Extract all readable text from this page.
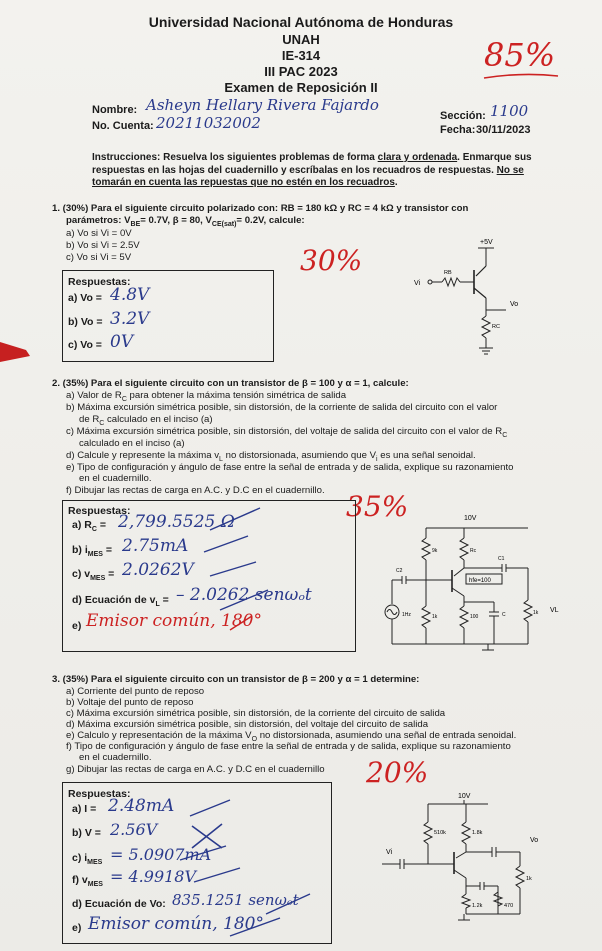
Universidad Nacional Autónoma de Honduras
UNAH
IE-314
III PAC 2023
Examen de Reposición II
85%
Nombre: Asheyn Hellary Rivera Fajardo
No. Cuenta: 20211032002	Sección: 1100
Fecha: 30/11/2023
Instrucciones: Resuelva los siguientes problemas de forma clara y ordenada. Enmarque sus respuestas en las hojas del cuadernillo y escríbalas en los recuadros de respuestas. No se tomarán en cuenta las repuestas que no estén en los recuadros.
1. (30%) Para el siguiente circuito polarizado con: RB = 180 kΩ y RC = 4 kΩ y transistor con
parámetros: $V_{BE}= 0.7V$, β = 80, $V_{CE(sat)}= 0.2V$, calcule:
a) Vo si Vi = 0V
b) Vo si Vi = 2.5V
c) Vo si Vi = 5V	30%
Respuestas:
a) Vo = 4.8V
b) Vo = 3.2V
c) Vo = 0V
+5V
RB
Vi
Vo
RC
2. (35%) Para el siguiente circuito con un transistor de β = 100 y α = 1, calcule:
a) Valor de $R_C$ para obtener la máxima tensión simétrica de salida
b) Máxima excursión simétrica posible, sin distorsión, de la corriente de salida del circuito con el valor
de $R_C$ calculado en el inciso (a)
c) Máxima excursión simétrica posible, sin distorsión, del voltaje de salida del circuito con el valor de $R_C$
calculado en el inciso (a)
d) Calcule y represente la máxima $v_L$ no distorsionada, asumiendo que $V_i$ es una señal senoidal.
e) Tipo de configuración y ángulo de fase entre la señal de entrada y de salida, explique su razonamiento
en el cuadernillo.
f) Dibujar las rectas de carga en A.C. y D.C en el cuadernillo. 35%
Respuestas:
a) $R_C = 2,799.5525$ Ω
b) $i_{MES} = 2.75mA$
c) $v_{MES} = 2.0262V$
d) Ecuación de $v_L$ = – 2.0262 senωₒt
e) Emisor común, 180°
10V
9k	Rc
hfe=100
C1
1k VL
C2
1Hz	1k	100	C
3. (35%) Para el siguiente circuito con un transistor de β = 200 y α = 1 determine:
a) Corriente del punto de reposo
b) Voltaje del punto de reposo
c) Máxima excursión simétrica posible, sin distorsión, de la corriente del circuito de salida
d) Máxima excursión simétrica posible, sin distorsión, del voltaje del circuito de salida
e) Calculo y representación de la máxima $V_O$ no distorsionada, asumiendo una señal de entrada senoidal.
f) Tipo de configuración y ángulo de fase entre la señal de entrada y de salida, explique su razonamiento
en el cuadernillo.
g) Dibujar las rectas de carga en A.C. y D.C en el cuadernillo 20%
Respuestas:
a) I = 2.48mA
b) V = 2.56V
c) $i_{MES} = 5.0907mA$
f) $v_{MES} = 4.9918V$
d) Ecuación de Vo: 835.1251 senωₒt
e) Emisor común, 180°
10V
510k	1.8k
Vi
Vo
1k
1.2k	470
